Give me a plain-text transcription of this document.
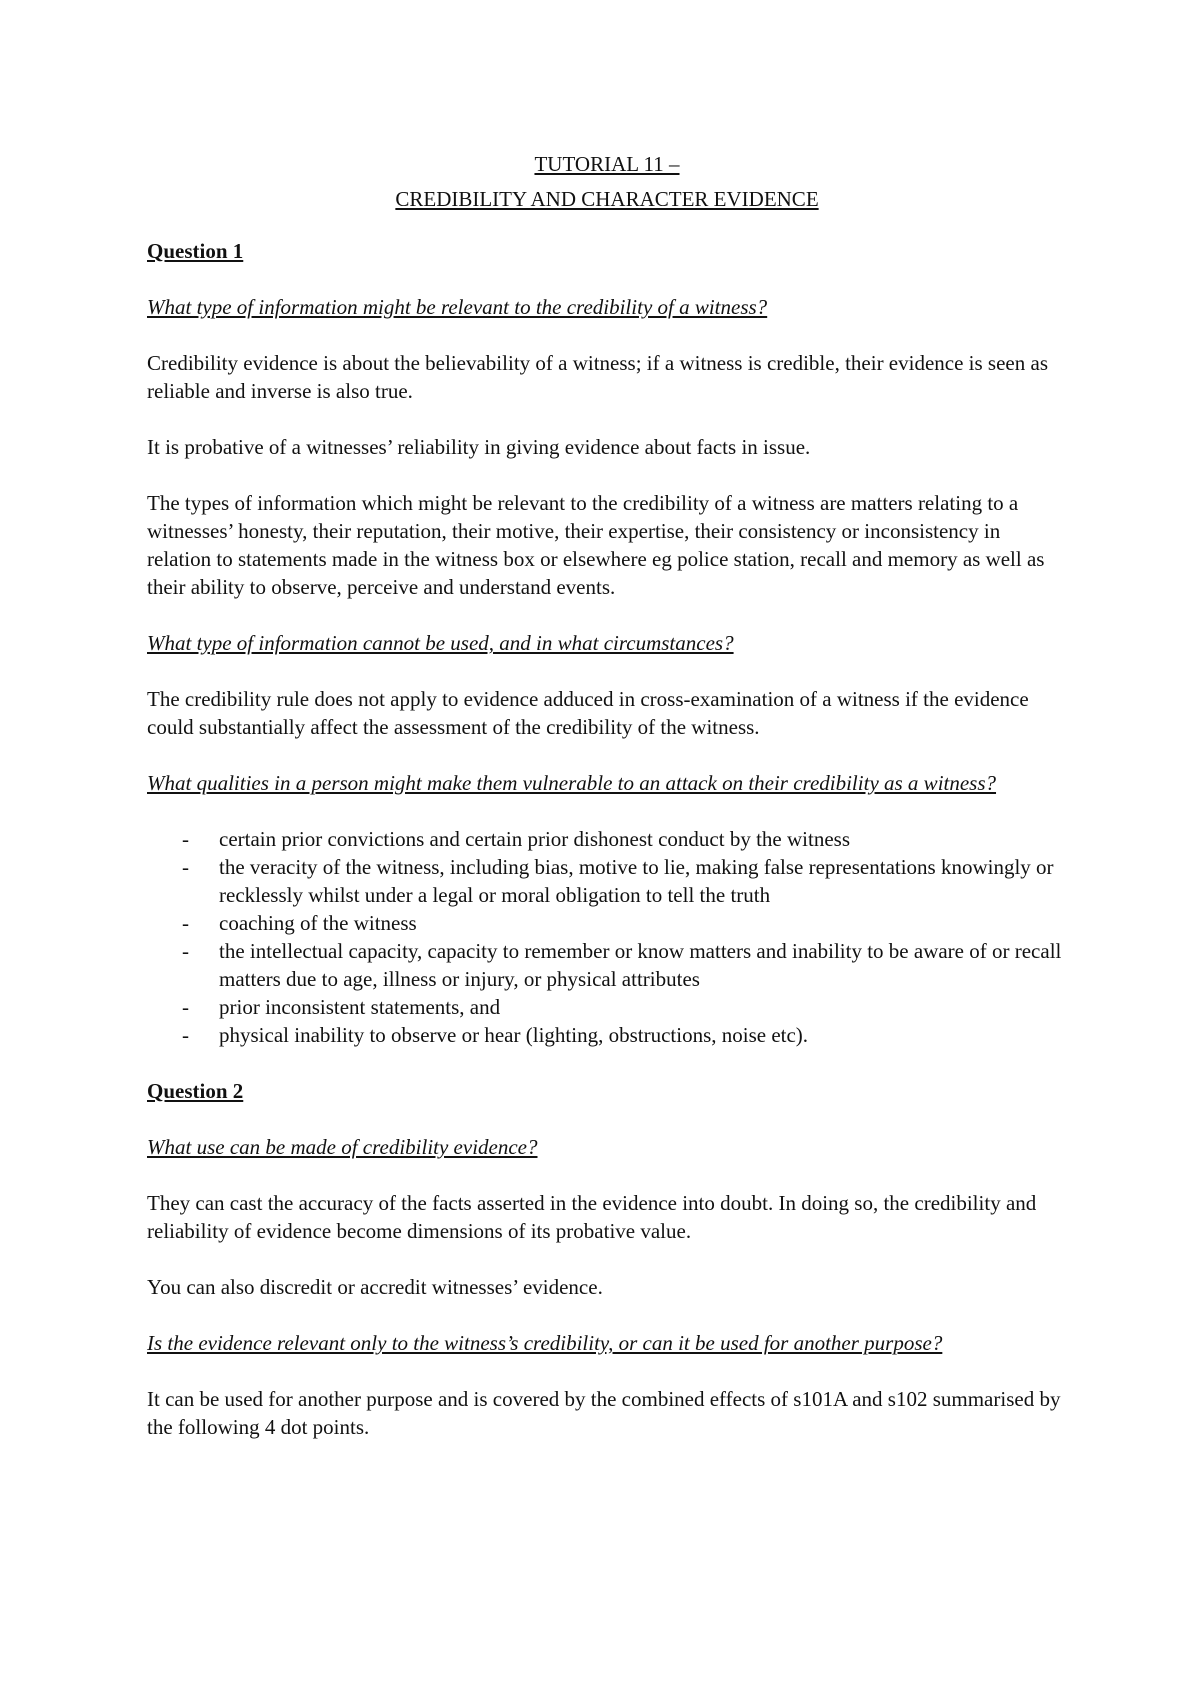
TUTORIAL 11 –

CREDIBILITY AND CHARACTER EVIDENCE

Question 1

What type of information might be relevant to the credibility of a witness?

Credibility evidence is about the believability of a witness; if a witness is credible, their evidence is seen as reliable and inverse is also true.

It is probative of a witnesses’ reliability in giving evidence about facts in issue.

The types of information which might be relevant to the credibility of a witness are matters relating to a witnesses’ honesty, their reputation, their motive, their expertise, their consistency or inconsistency in relation to statements made in the witness box or elsewhere eg police station, recall and memory as well as their ability to observe, perceive and understand events.

What type of information cannot be used, and in what circumstances?

The credibility rule does not apply to evidence adduced in cross-examination of a witness if the evidence could substantially affect the assessment of the credibility of the witness.

What qualities in a person might make them vulnerable to an attack on their credibility as a witness?

- certain prior convictions and certain prior dishonest conduct by the witness
- the veracity of the witness, including bias, motive to lie, making false representations knowingly or recklessly whilst under a legal or moral obligation to tell the truth
- coaching of the witness
- the intellectual capacity, capacity to remember or know matters and inability to be aware of or recall matters due to age, illness or injury, or physical attributes
- prior inconsistent statements, and
- physical inability to observe or hear (lighting, obstructions, noise etc).

Question 2

What use can be made of credibility evidence?

They can cast the accuracy of the facts asserted in the evidence into doubt. In doing so, the credibility and reliability of evidence become dimensions of its probative value.

You can also discredit or accredit witnesses’ evidence.

Is the evidence relevant only to the witness’s credibility, or can it be used for another purpose?

It can be used for another purpose and is covered by the combined effects of s101A and s102 summarised by the following 4 dot points.
